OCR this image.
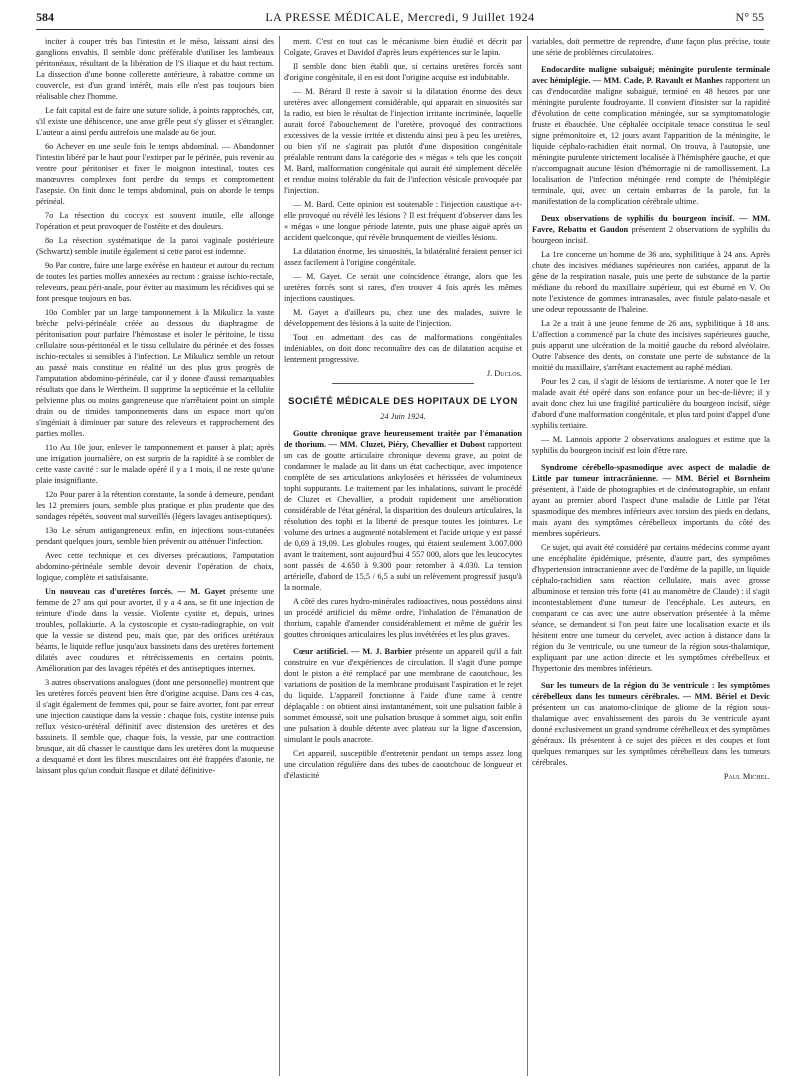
584	LA PRESSE MÉDICALE, Mercredi, 9 Juillet 1924	N° 55

inciter à couper très bas l'intestin et le méso, laissant ainsi des ganglions envahis. Il semble donc préférable d'utiliser les lambeaux péritonéaux, résultant de la libération de l'S iliaque et du haut rectum. La dissection d'une bonne collerette antérieure, à rabattre comme un couvercle, est d'un grand intérêt, mais elle n'est pas toujours bien réalisable chez l'homme.

Le fait capital est de faire une suture solide, à points rapprochés, car, s'il existe une déhiscence, une anse grêle peut s'y glisser et s'étrangler. L'auteur a ainsi perdu autrefois une malade au 6e jour.

6o Achever en une seule fois le temps abdominal. — Abandonner l'intestin libéré par le haut pour l'extirper par le périnée, puis revenir au ventre pour péritoniser et fixer le moignon intestinal, toutes ces manœuvres complexes font perdre du temps et compromettent l'asepsie. On finit donc le temps abdominal, puis on aborde le temps périnéal.

7o La résection du coccyx est souvent inutile, elle allonge l'opération et peut provoquer de l'ostéite et des douleurs.

8o La résection systématique de la paroi vaginale postérieure (Schwartz) semble inutile également si cette paroi est indemne.

9o Par contre, faire une large exérèse en hauteur et autour du rectum de toutes les parties molles annexées au rectum : graisse ischio-rectale, releveurs, peau péri-anale, pour éviter au maximum les récidives qui se font presque toujours en bas.

10o Combler par un large tamponnement à la Mikulicz la vaste brèche pelvi-périnéale créée au dessous du diaphragme de péritonisation pour parfaire l'hémostase et isoler le péritoine, le tissu cellulaire sous-péritonéal et le tissu cellulaire du périnée et des fosses ischio-rectales si sensibles à l'infection. Le Mikulicz semble un retour au passé mais constitue en réalité un des plus gros progrès de l'amputation abdomino-périnéale, car il y donne d'aussi remarquables résultats que dans le Wertheim. Il supprime la septicémie et la cellulite pelvienne plus ou moins gangreneuse que n'arrêtaient point un simple drain ou de timides tamponnements dans un espace mort qu'on s'ingéniait à diminuer par suture des releveurs et rapprochement des parties molles.

11o Au 10e jour, enlever le tamponnement et panser à plat; après une irrigation journalière, on est surpris de la rapidité à se combler de cette vaste cavité : sur le malade opéré il y a 1 mois, il ne reste qu'une plaie insignifiante.

12o Pour parer à la rétention constante, la sonde à demeure, pendant les 12 premiers jours, semble plus pratique et plus prudente que des sondages répétés, souvent mal surveillés (légers lavages antiseptiques).

13o Le sérum antigangreneux enfin, en injections sous-cutanées pendant quelques jours, semble bien prévenir ou atténuer l'infection.

Avec cette technique et ces diverses précautions, l'amputation abdomino-périnéale semble devoir devenir l'opération de choix, logique, complète et satisfaisante.

Un nouveau cas d'uretères forcés. — M. Gayet présente une femme de 27 ans qui pour avorter, il y a 4 ans, se fit une injection de teinture d'iode dans la vessie. Violente cystite et, depuis, urines troubles, pollakiurie. A la cystoscopie et cysto-radiographie, on voit que la vessie se distend peu, mais que, par des orifices urétéraux béants, le liquide reflue jusqu'aux bassinets dans des uretères fortement dilatés avec coudures et rétrécissements en certains points. Amélioration par des lavages répétés et des antiseptiques internes.

3 autres observations analogues (dont une personnelle) montrent que les uretères forcés peuvent bien être d'origine acquise. Dans ces 4 cas, il s'agit également de femmes qui, pour se faire avorter, font par erreur une injection caustique dans la vessie : chaque fois, cystite intense puis reflux vésico-urétéral définitif avec distension des uretères et des bassinets. Il semble que, chaque fois, la vessie, par une contraction brusque, ait dû chasser le caustique dans les uretères dont la muqueuse a desquamé et dont les fibres musculaires ont été frappées d'atonie, ne laissant plus qu'un conduit flasque et dilaté définitive-

ment. C'est en tout cas le mécanisme bien étudié et décrit par Colgate, Graves et Davidof d'après leurs expériences sur le lapin.

Il semble donc bien établi que, si certains uretères forcés sont d'origine congénitale, il en est dont l'origine acquise est indubitable.

— M. Bérard Il reste à savoir si la dilatation énorme des deux uretères avec allongement considérable, qui apparait en sinuosités sur la radio, est bien le résultat de l'injection irritante incriminée, laquelle aurait forcé l'abouchement de l'uretère, provoqué des contractions excessives de la vessie irritée et distendu ainsi peu à peu les uretères, ou bien s'il ne s'agirait pas plutôt d'une disposition congénitale préalable rentrant dans la catégorie des « mégas » tels que les conçoit M. Bard, malformation congénitale qui aurait été simplement décelée et rendue moins tolérable du fait de l'infection vésicale provoquée par l'injection.

— M. Bard. Cette opinion est soutenable : l'injection caustique a-t-elle provoqué ou révélé les lésions ? Il est fréquent d'observer dans les « mégas » une longue période latente, puis une phase aiguë après un accident quelconque, qui révèle brusquement de vieilles lésions.

La dilatation énorme, les sinuosités, la bilatéralité feraient penser ici assez facilement à l'origine congénitale.

— M. Gayet. Ce serait une coïncidence étrange, alors que les uretères forcés sont si rares, d'en trouver 4 fois après les mêmes injections caustiques.

M. Gayet a d'ailleurs pu, chez une des malades, suivre le développement des lésions à la suite de l'injection.

Tout en admettant des cas de malformations congénitales indéniables, on doit donc reconnaître des cas de dilatation acquise et lentement progressive.

J. Duclos.
SOCIÉTÉ MÉDICALE DES HOPITAUX DE LYON
24 Juin 1924.

Goutte chronique grave heureusement traitée par l'émanation de thorium. — MM. Cluzet, Piéry, Chevallier et Dubost rapportent un cas de goutte articulaire chronique devenu grave, au point de condamner le malade au lit dans un état cachectique, avec impotence complète de ses articulations ankylosées et hérissées de volumineux tophi suppurants. Le traitement par les inhalations, suivant le procédé de Cluzet et Chevallier, a produit rapidement une amélioration considérable de l'état général, la disparition des douleurs articulaires, la résolution des tophi et la liberté de presque toutes les jointures. Le volume des urines a augmenté notablement et l'acide urique y est passé de 0,69 à 19,09. Les globules rouges, qui étaient seulement 3.007.000 avant le traitement, sont aujourd'hui 4 557 000, alors que les leucocytes sont passés de 4.650 à 9.300 pour retomber à 4.030. La tension artérielle, d'abord de 15,5 / 6,5 a subi un relèvement progressif jusqu'à la normale.

A côté des cures hydro-minérales radioactives, nous possédons ainsi un procédé artificiel du même ordre, l'inhalation de l'émanation de thorium, capable d'amender considérablement et même de guérir les gouttes chroniques articulaires les plus invétérées et les plus graves.

Cœur artificiel. — M. J. Barbier présente un appareil qu'il a fait construire en vue d'expériences de circulation. Il s'agit d'une pompe dont le piston a été remplacé par une membrane de caoutchouc, les variations de position de la membrane produisant l'aspiration et le rejet du liquide. L'appareil fonctionne à l'aide d'une came à centre déplaçable : on obtient ainsi instantanément, soit une pulsation faible à sommet émoussé, soit une pulsation brusque à sommet aigu, soit enfin une pulsation à double détente avec plateau sur la ligne d'ascension, simulant le pouls anacrote.

Cet appareil, susceptible d'entretenir pendant un temps assez long une circulation régulière dans des tubes de caoutchouc de longueur et d'élasticité

variables, doit permettre de reprendre, d'une façon plus précise, toute une série de problèmes circulatoires.

Endocardite maligne subaiguë; méningite purulente terminale avec hémiplégie. — MM. Cade, P. Ravault et Manhes rapportent un cas d'endocardite maligne subaiguë, terminé en 48 heures par une méningite purulente foudroyante. Il convient d'insister sur la rapidité d'évolution de cette complication méningée, sur sa symptomatologie fruste et ébauchée. Une céphalée occipitale tenace constitua le seul signe prémonitoire et, 12 jours avant l'apparition de la méningite, le liquide céphalo-rachidien était normal. On trouva, à l'autopsie, une méningite purulente strictement localisée à l'hémisphère gauche, et que n'accompagnait aucune lésion d'hémorragie ni de ramollissement. La localisation de l'infection méningée rend compte de l'hémiplégie terminale, qui, avec un certain embarras de la parole, fut la manifestation de la complication cérébrale ultime.

Deux observations de syphilis du bourgeon incisif. — MM. Favre, Rebattu et Gaudon présentent 2 observations de syphilis du bourgeon incisif.

La 1re concerne un homme de 36 ans, syphilitique à 24 ans. Après chute des incisives médianes supérieures non cariées, apparut de la gêne de la respiration nasale, puis une perte de substance de la partie médiane du rebord du maxillaire supérieur, qui est éburné en V. On note l'existence de gommes intranasales, avec fistule palato-nasale et une odeur repoussante de l'haleine.

La 2e a trait à une jeune femme de 26 ans, syphilitique à 18 ans. L'affection a commencé par la chute des incisives supérieures gauche, puis apparut une ulcération de la moitié gauche du rebord alvéolaire. Outre l'absence des dents, on constate une perte de substance de la moitié du maxillaire, s'arrêtant exactement au raphé médian.

Pour les 2 cas, il s'agit de lésions de tertiarisme. A noter que le 1er malade avait été opéré dans son enfance pour un bec-de-lièvre; il y avait donc chez lui une fragilité particulière du bourgeon incisif, siège d'abord d'une malformation congénitale, et plus tard point d'appel d'une syphilis tertiaire.

— M. Lannois apporte 2 observations analogues et estime que la syphilis du bourgeon incisif est loin d'être rare.

Syndrome cérébello-spasmodique avec aspect de maladie de Little par tumeur intracrânienne. — MM. Bériel et Bornheim présentent, à l'aide de photographies et de cinématographie, un enfant ayant au premier abord l'aspect d'une maladie de Little par l'état spasmodique des membres inférieurs avec torsion des pieds en dedans, mais ayant des symptômes cérébelleux importants du côté des membres supérieurs.

Ce sujet, qui avait été considéré par certains médecins comme ayant une encéphalite épidémique, présente, d'autre part, des symptômes d'hypertension intracranienne avec de l'œdème de la papille, un liquide céphalo-rachidien sans réaction cellulaire, mais avec grosse albuminose et tension très forte (41 au manomètre de Claude) : il s'agit incontestablement d'une tumeur de l'encéphale. Les auteurs, en comparant ce cas avec une autre observation présentée à la même séance, se demandent si l'on peut faire une localisation exacte et ils hésitent entre une tumeur du cervelet, avec action à distance dans la région du 3e ventricule, ou une tumeur de la région sous-thalamique, expliquant par une action directe et les symptômes cérébelleux et l'hypertonie des membres inférieurs.

Sur les tumeurs de la région du 3e ventricule : les symptômes cérébelleux dans les tumeurs cérébrales. — MM. Bériel et Devic présentent un cas anatomo-clinique de gliome de la région sous-thalamique avec envahissement des parois du 3e ventricule ayant donné exclusivement un grand syndrome cérébelleux et des symptômes généraux. Ils présentent à ce sujet des pièces et des coupes et font quelques remarques sur les symptômes cérébelleux dans les tumeurs cérébrales.

Paul Michel.
